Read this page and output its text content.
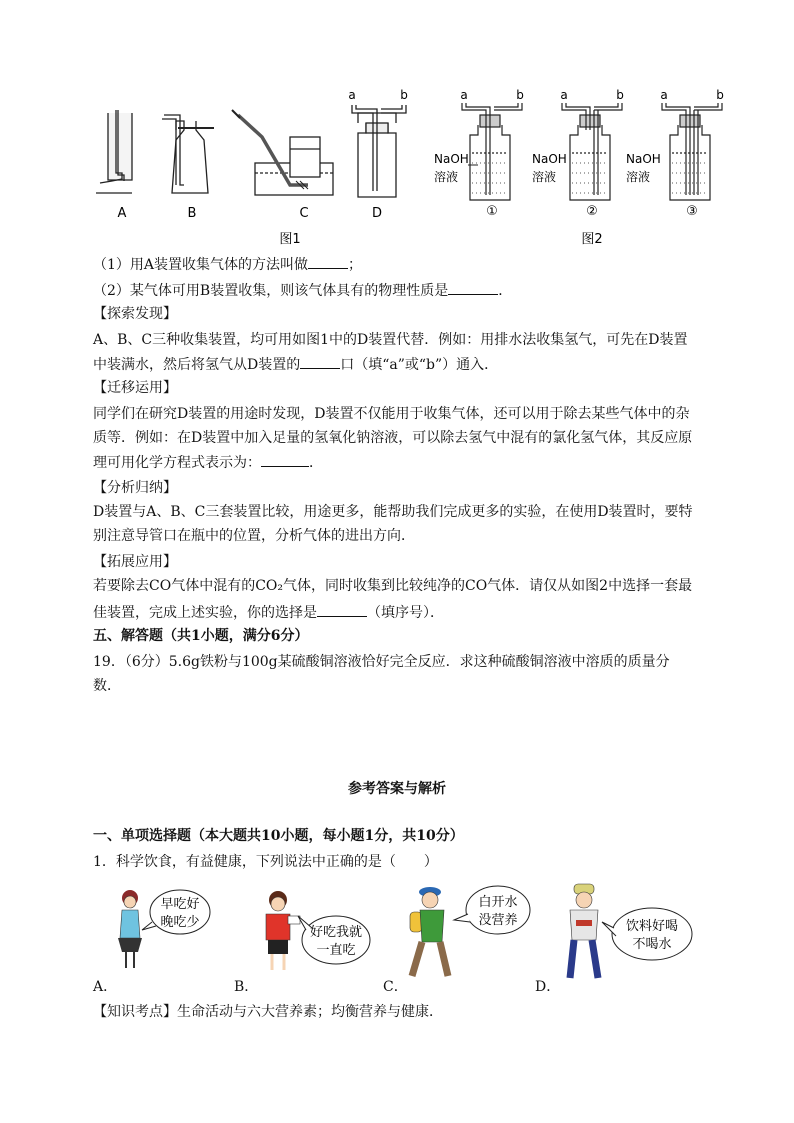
A	B	C
a	b
D
图1
a	b
NaOH
溶液
①
a	b
NaOH
溶液
②
a	b
NaOH
溶液
③
图2
（1）用A装置收集气体的方法叫做	；
（2）某气体可用B装置收集，则该气体具有的物理性质是	．
【探索发现】
A、B、C三种收集装置，均可用如图1中的D装置代替．例如：用排水法收集氢气，可先在D装置
中装满水，然后将氢气从D装置的	口（填“a”或“b”）通入．
【迁移运用】
同学们在研究D装置的用途时发现，D装置不仅能用于收集气体，还可以用于除去某些气体中的杂
质等．例如：在D装置中加入足量的氢氧化钠溶液，可以除去氢气中混有的氯化氢气体，其反应原
理可用化学方程式表示为：	．
【分析归纳】
D装置与A、B、C三套装置比较，用途更多，能帮助我们完成更多的实验，在使用D装置时，要特
别注意导管口在瓶中的位置，分析气体的进出方向．
【拓展应用】
若要除去CO气体中混有的CO₂气体，同时收集到比较纯净的CO气体．请仅从如图2中选择一套最
佳装置，完成上述实验，你的选择是	（填序号）．
五、解答题（共1小题，满分6分）
19．（6分）5.6g铁粉与100g某硫酸铜溶液恰好完全反应．求这种硫酸铜溶液中溶质的质量分
数．
参考答案与解析
一、单项选择题（本大题共10小题，每小题1分，共10分）
1．科学饮食，有益健康，下列说法中正确的是（　　）
早吃好
晚吃少
好吃我就
一直吃
白开水
没营养	饮料好喝
不喝水
A．	B．	C．	D．
【知识考点】生命活动与六大营养素；均衡营养与健康．
